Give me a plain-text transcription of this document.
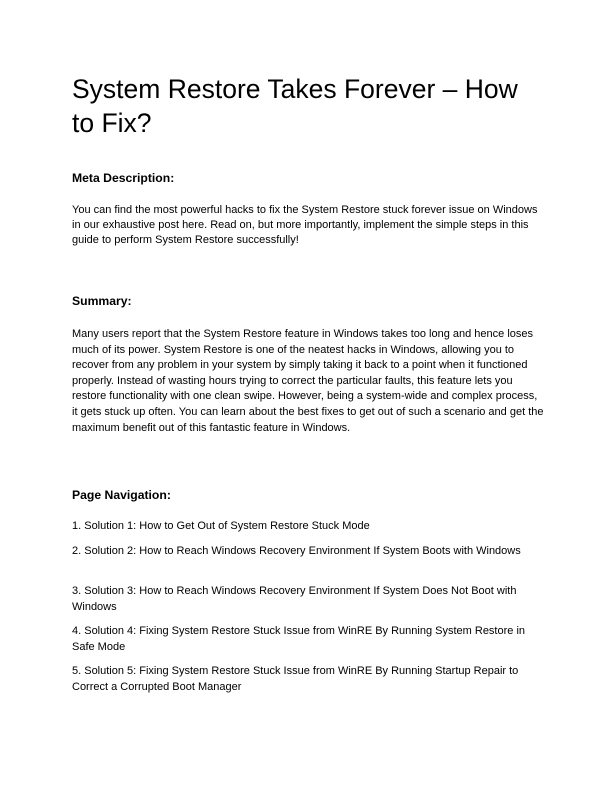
System Restore Takes Forever – How to Fix?
Meta Description:

You can find the most powerful hacks to fix the System Restore stuck forever issue on Windows in our exhaustive post here. Read on, but more importantly, implement the simple steps in this guide to perform System Restore successfully!

Summary:

Many users report that the System Restore feature in Windows takes too long and hence loses much of its power. System Restore is one of the neatest hacks in Windows, allowing you to recover from any problem in your system by simply taking it back to a point when it functioned properly. Instead of wasting hours trying to correct the particular faults, this feature lets you restore functionality with one clean swipe. However, being a system-wide and complex process, it gets stuck up often. You can learn about the best fixes to get out of such a scenario and get the maximum benefit out of this fantastic feature in Windows.

Page Navigation:
1. Solution 1: How to Get Out of System Restore Stuck Mode
2. Solution 2: How to Reach Windows Recovery Environment If System Boots with Windows
3. Solution 3: How to Reach Windows Recovery Environment If System Does Not Boot with Windows
4. Solution 4: Fixing System Restore Stuck Issue from WinRE By Running System Restore in Safe Mode
5. Solution 5: Fixing System Restore Stuck Issue from WinRE By Running Startup Repair to Correct a Corrupted Boot Manager
